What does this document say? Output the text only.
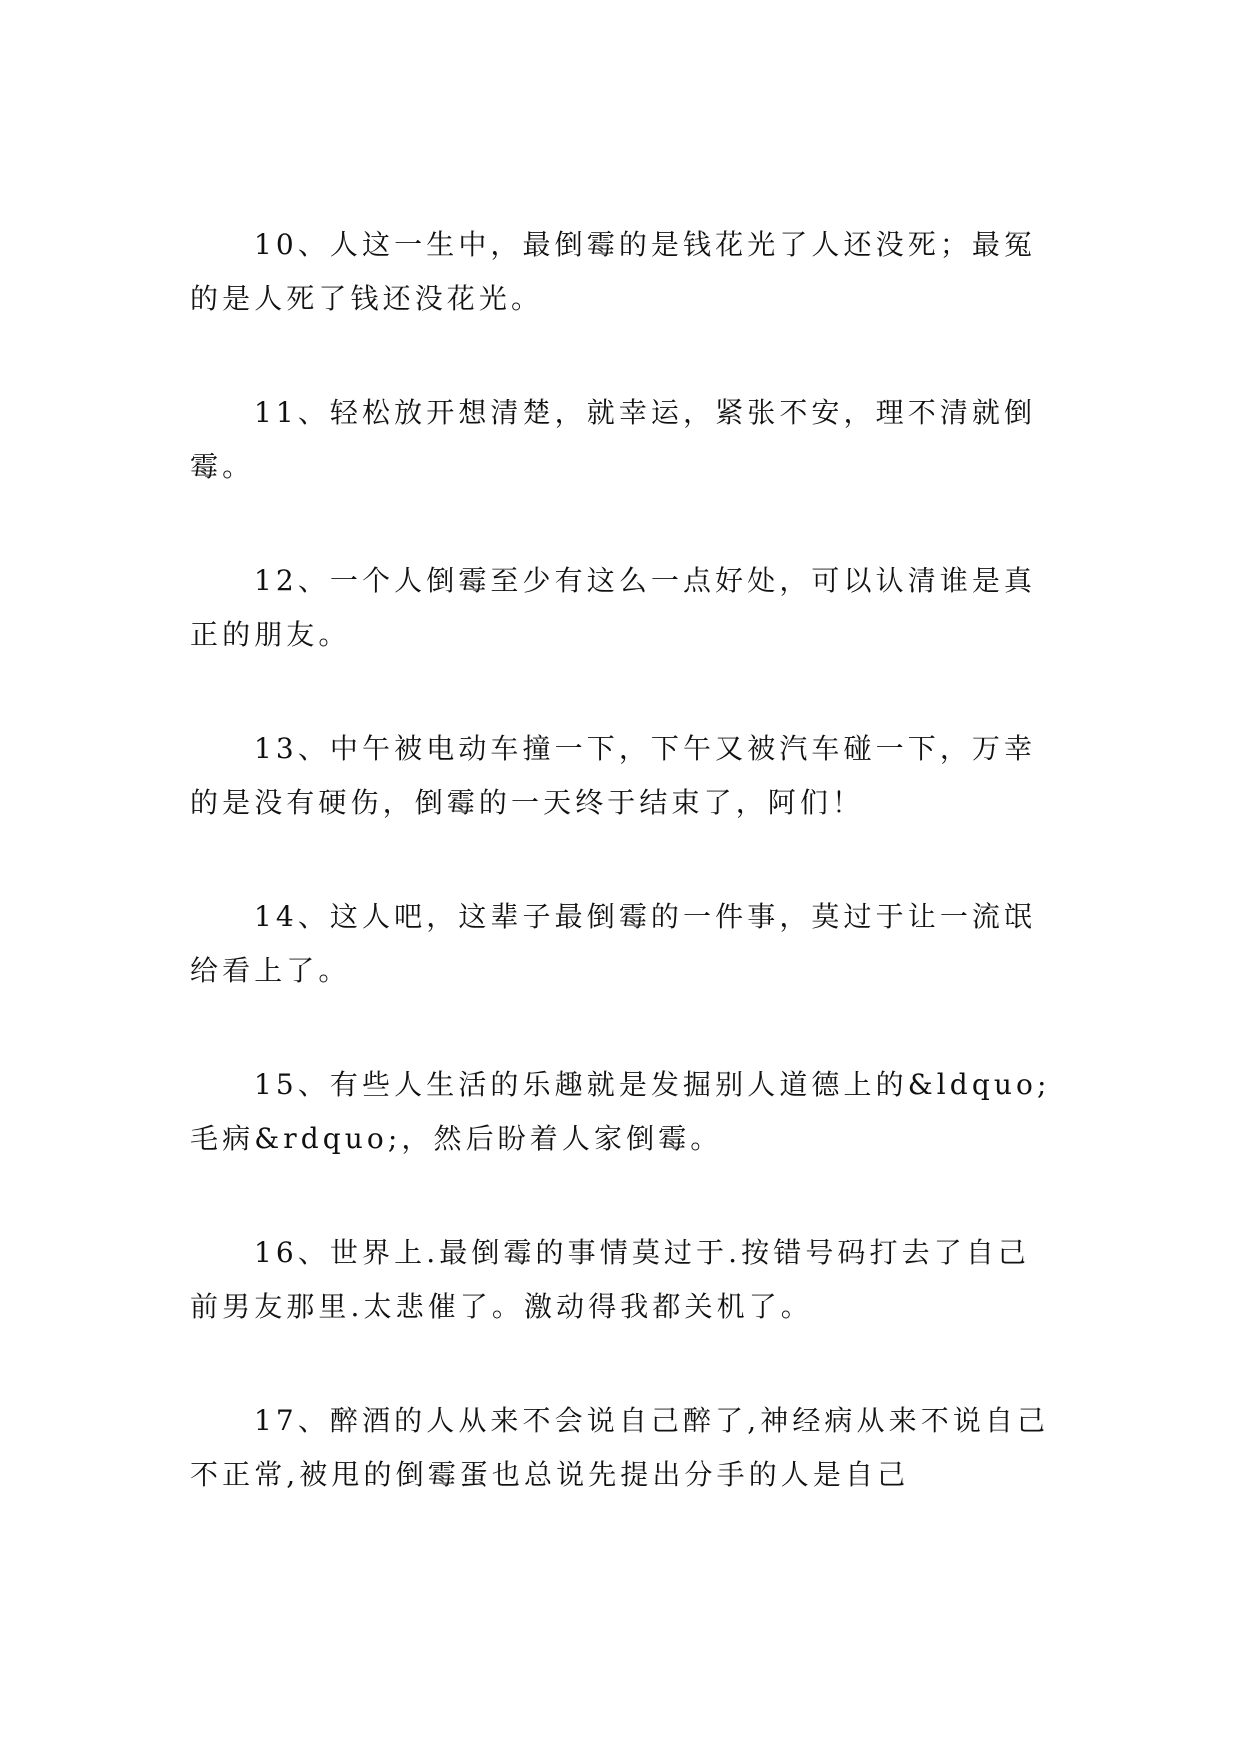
10、人这一生中，最倒霉的是钱花光了人还没死；最冤的是人死了钱还没花光。

11、轻松放开想清楚，就幸运，紧张不安，理不清就倒霉。

12、一个人倒霉至少有这么一点好处，可以认清谁是真正的朋友。

13、中午被电动车撞一下，下午又被汽车碰一下，万幸的是没有硬伤，倒霉的一天终于结束了，阿们！

14、这人吧，这辈子最倒霉的一件事，莫过于让一流氓给看上了。

15、有些人生活的乐趣就是发掘别人道德上的&ldquo;毛病&rdquo;，然后盼着人家倒霉。

16、世界上.最倒霉的事情莫过于.按错号码打去了自己前男友那里.太悲催了。激动得我都关机了。

17、醉酒的人从来不会说自己醉了,神经病从来不说自己不正常,被甩的倒霉蛋也总说先提出分手的人是自己
